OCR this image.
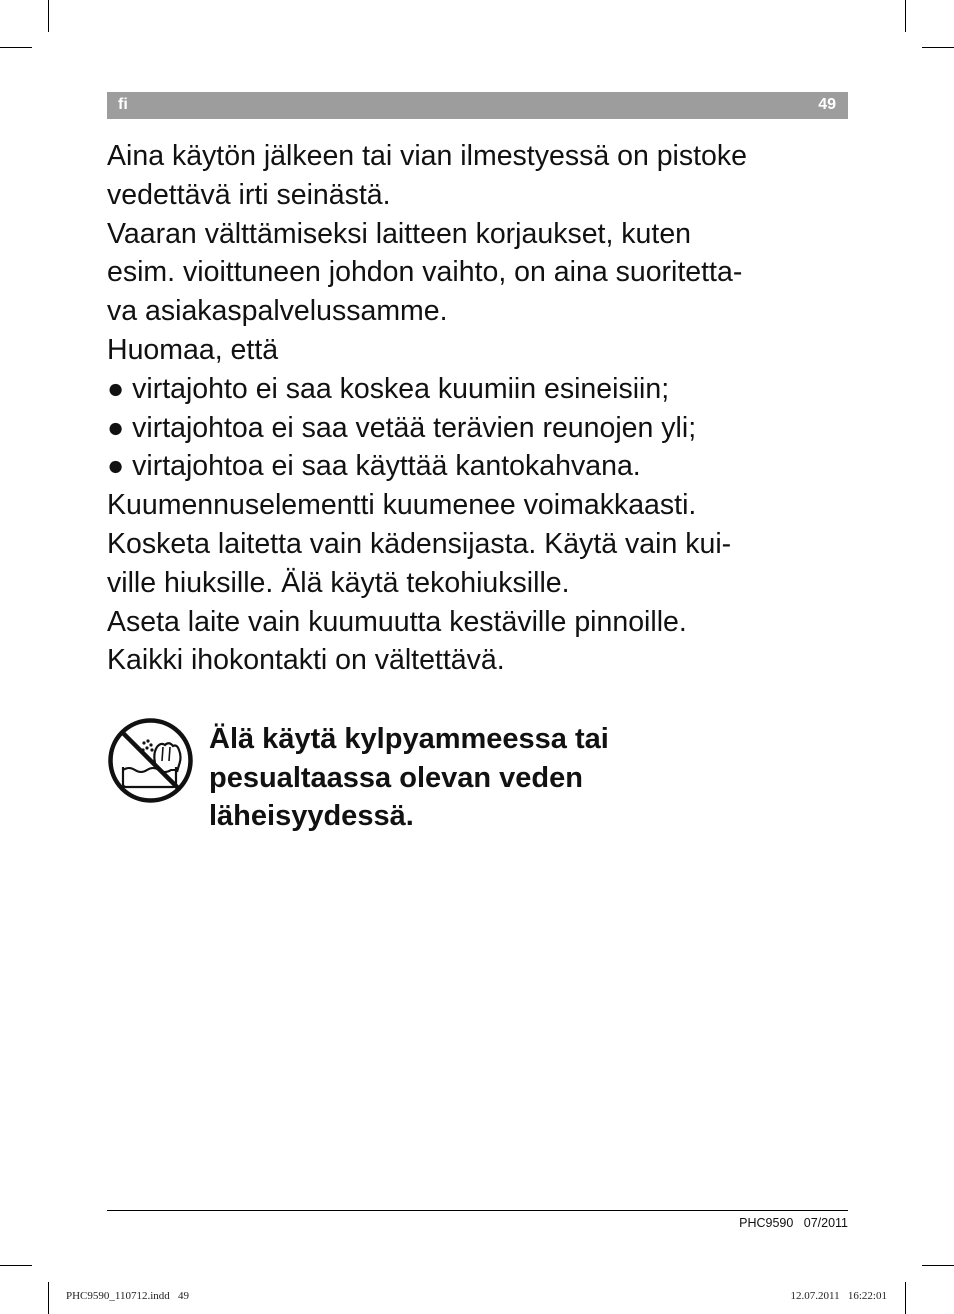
fi	49
Aina käytön jälkeen tai vian ilmestyessä on pistoke
vedettävä irti seinästä.
Vaaran välttämiseksi laitteen korjaukset, kuten
esim. vioittuneen johdon vaihto, on aina suoritetta-
va asiakaspalvelussamme.
Huomaa, että
● virtajohto ei saa koskea kuumiin esineisiin;
● virtajohtoa ei saa vetää terävien reunojen yli;
● virtajohtoa ei saa käyttää kantokahvana.
Kuumennuselementti kuumenee voimakkaasti.
Kosketa laitetta vain kädensijasta. Käytä vain kui-
ville hiuksille. Älä käytä tekohiuksille.
Aseta laite vain kuumuutta kestäville pinnoille.
Kaikki ihokontakti on vältettävä.
Älä käytä kylpyammeessa tai
pesualtaassa olevan veden
läheisyydessä.
PHC9590   07/2011
PHC9590_110712.indd   49	12.07.2011   16:22:01
